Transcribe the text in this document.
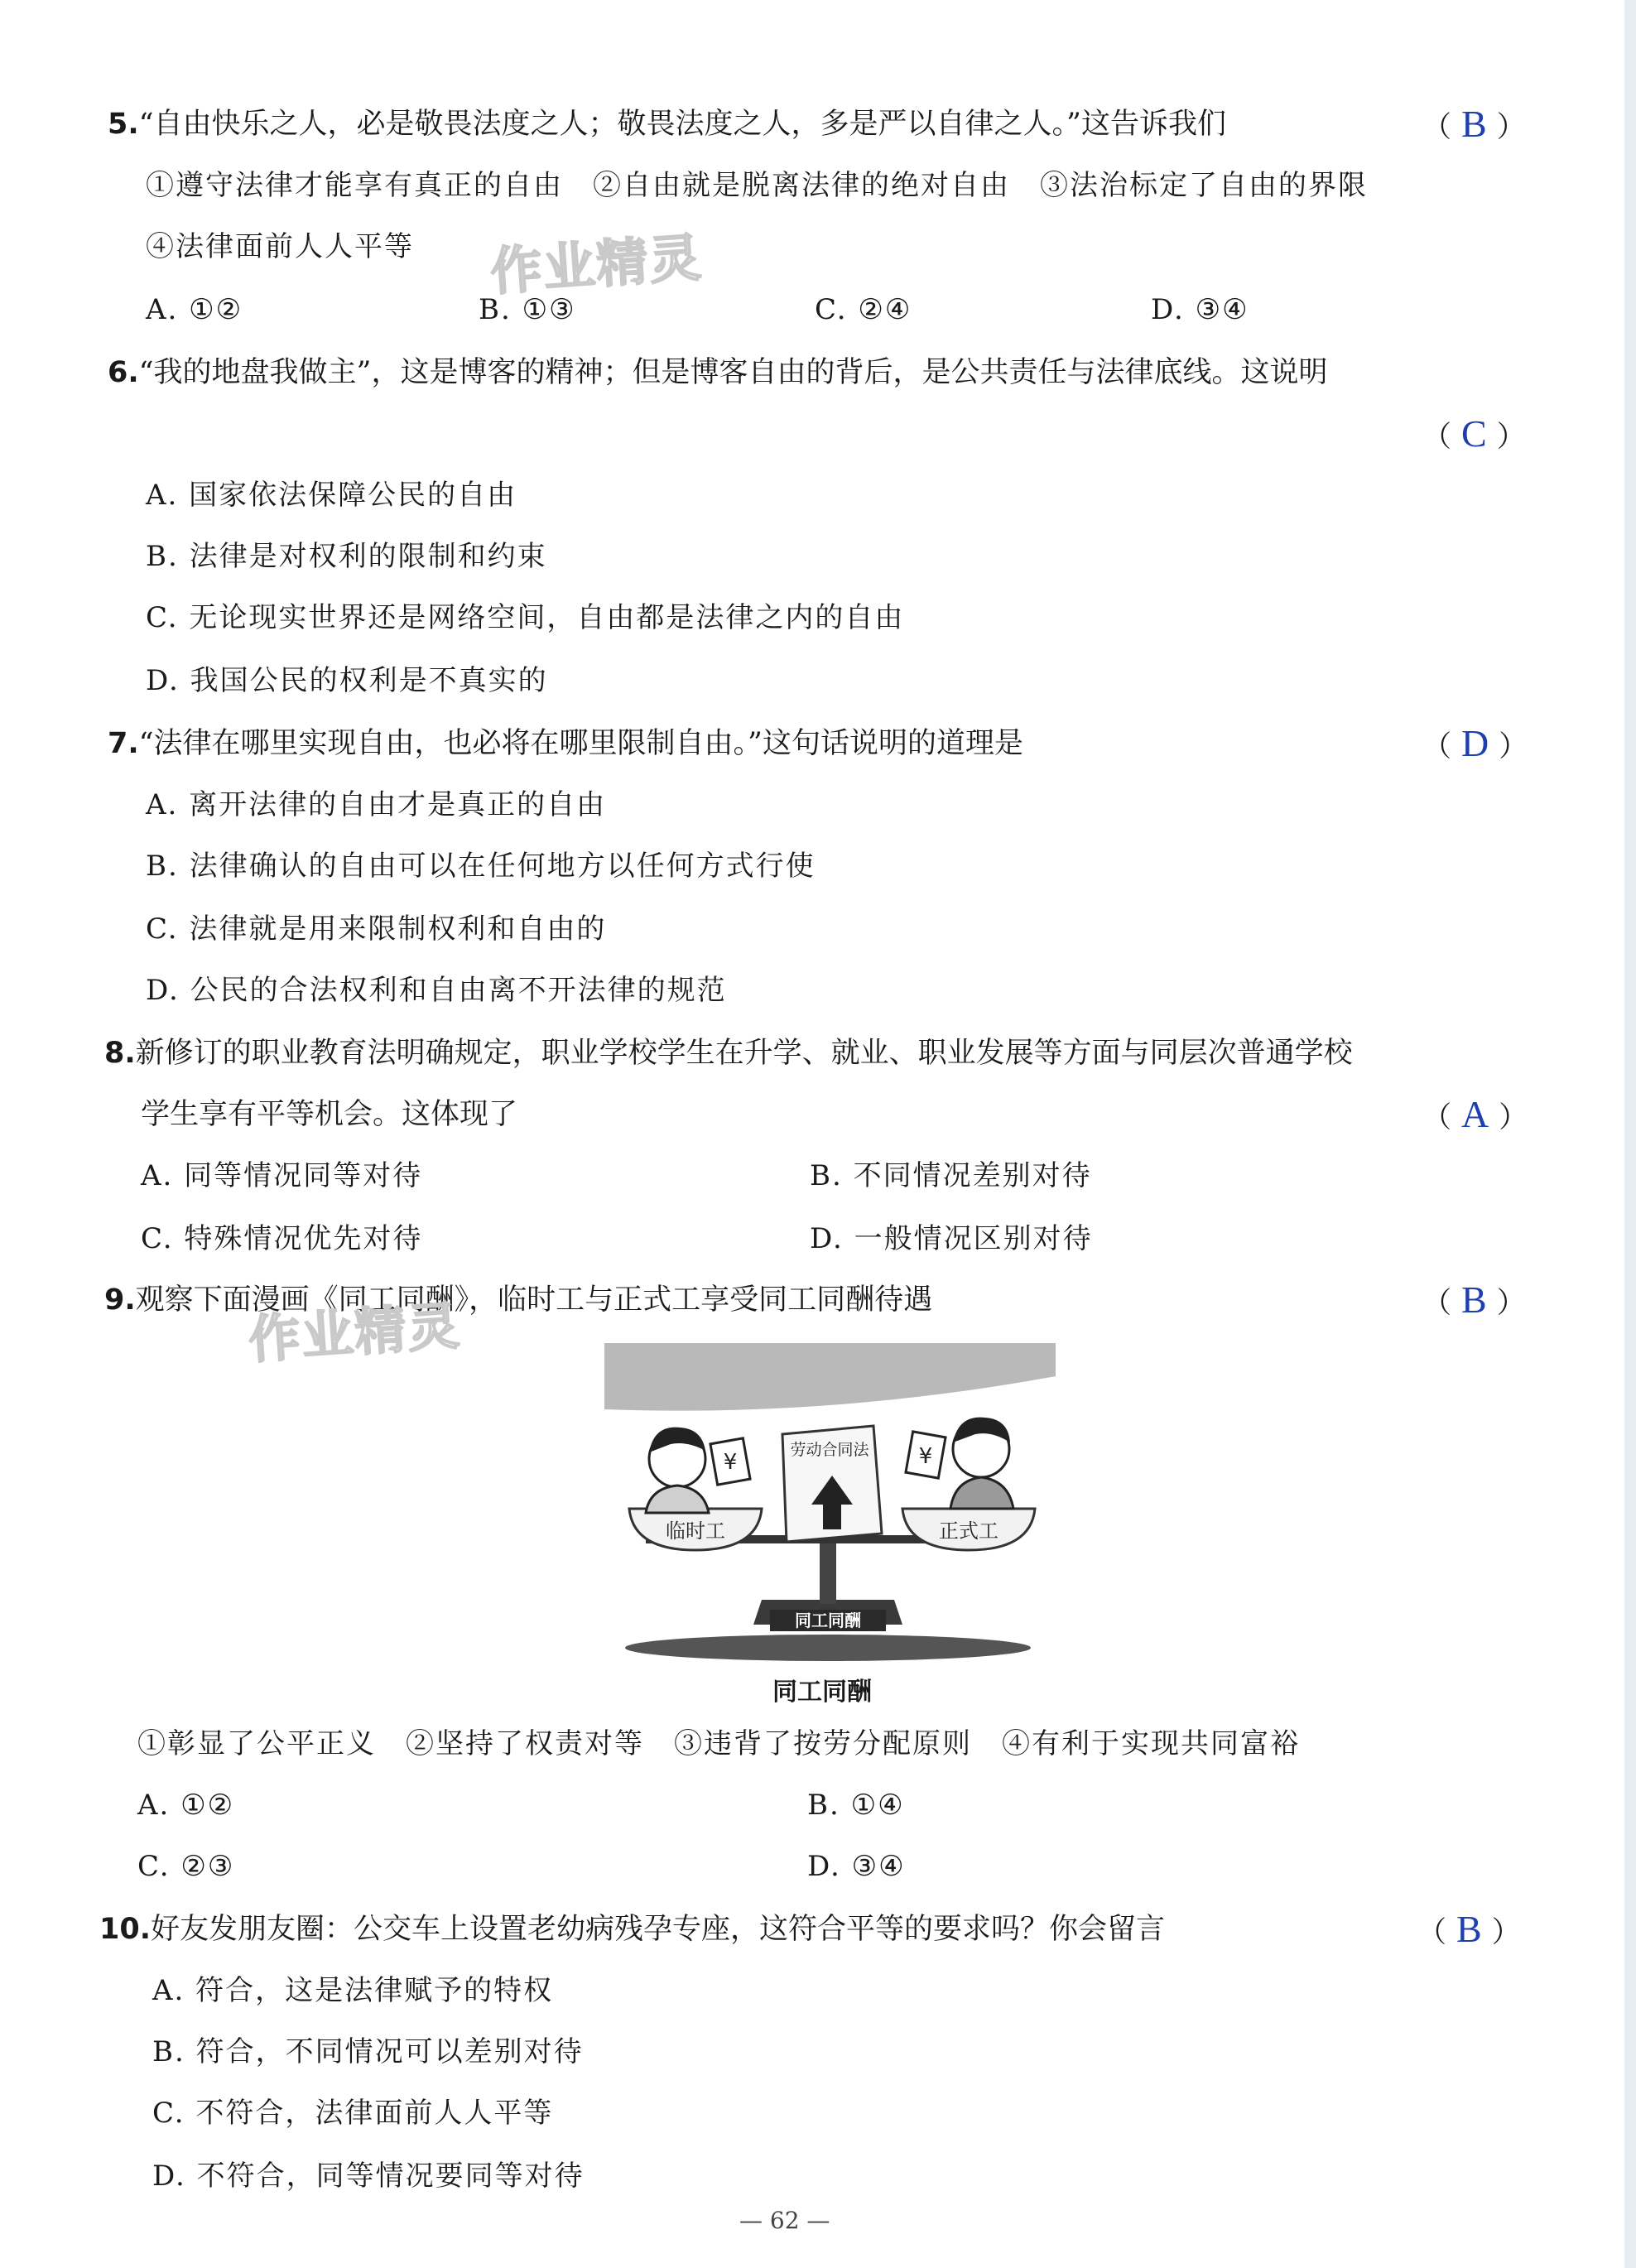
5.“自由快乐之人，必是敬畏法度之人；敬畏法度之人，多是严以自律之人。”这告诉我们	（ B ）
①遵守法律才能享有真正的自由　②自由就是脱离法律的绝对自由　③法治标定了自由的界限
④法律面前人人平等 作业精灵
A. ①②	B. ①③	C. ②④	D. ③④
6.“我的地盘我做主”，这是博客的精神；但是博客自由的背后，是公共责任与法律底线。这说明
（ C ）
A. 国家依法保障公民的自由
B. 法律是对权利的限制和约束
C. 无论现实世界还是网络空间，自由都是法律之内的自由
D. 我国公民的权利是不真实的
7.“法律在哪里实现自由，也必将在哪里限制自由。”这句话说明的道理是	（ D ）
A. 离开法律的自由才是真正的自由
B. 法律确认的自由可以在任何地方以任何方式行使
C. 法律就是用来限制权利和自由的
D. 公民的合法权利和自由离不开法律的规范
8.新修订的职业教育法明确规定，职业学校学生在升学、就业、职业发展等方面与同层次普通学校
学生享有平等机会。这体现了	（ A ）
A. 同等情况同等对待	B. 不同情况差别对待
C. 特殊情况优先对待	D. 一般情况区别对待
9.观察下面漫画《同工同酬》，临时工与正式工享受同工同酬待遇	（ B ）
作业精灵
同工同酬
临时工	正式工
劳动合同法
¥	¥
同工同酬
①彰显了公平正义　②坚持了权责对等　③违背了按劳分配原则　④有利于实现共同富裕
A. ①②	B. ①④
C. ②③	D. ③④
10.好友发朋友圈：公交车上设置老幼病残孕专座，这符合平等的要求吗？你会留言	（ B ）
A. 符合，这是法律赋予的特权
B. 符合，不同情况可以差别对待
C. 不符合，法律面前人人平等
D. 不符合，同等情况要同等对待
— 62 —
